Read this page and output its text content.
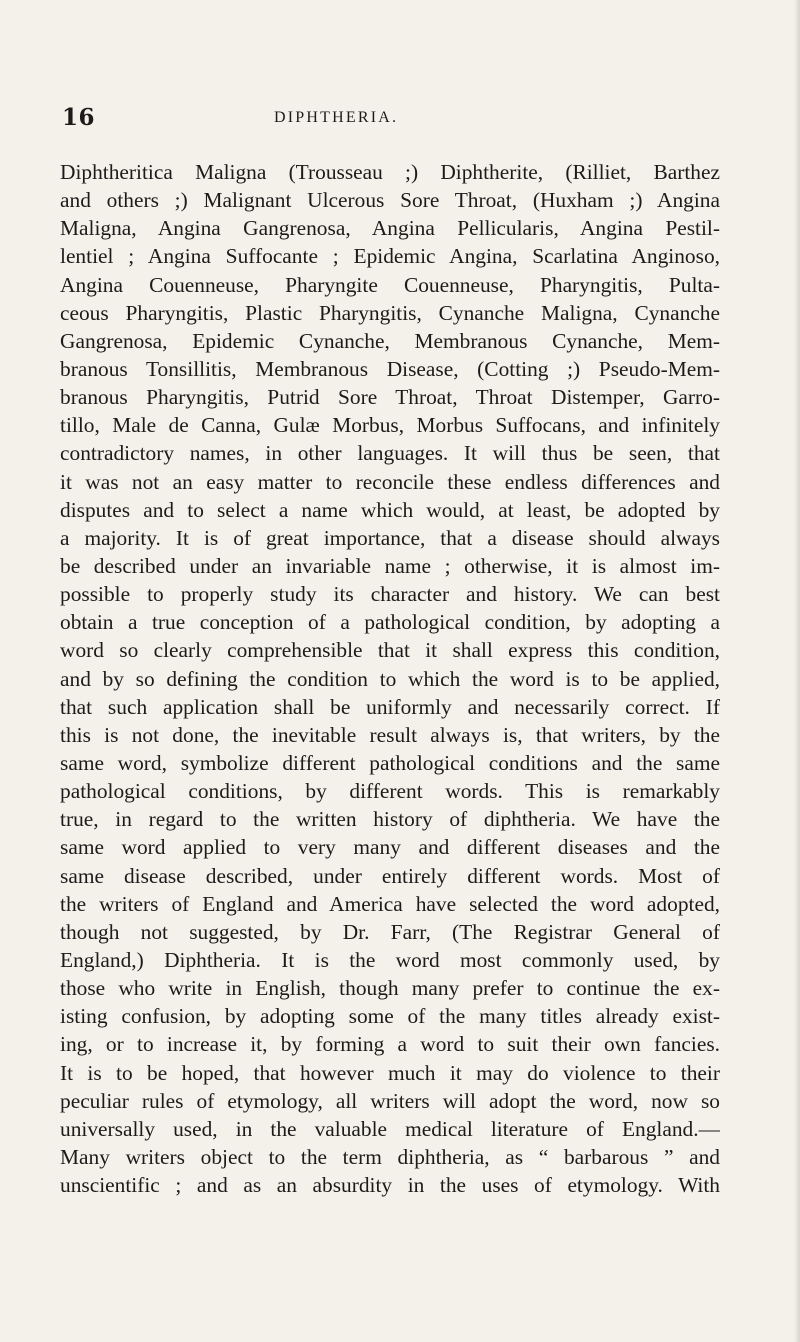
16	DIPHTHERIA.
Diphtheritica Maligna (Trousseau ;) Diphtherite, (Rilliet, Barthez
and others ;) Malignant Ulcerous Sore Throat, (Huxham ;) Angina
Maligna, Angina Gangrenosa, Angina Pellicularis, Angina Pestil-
lentiel ; Angina Suffocante ; Epidemic Angina, Scarlatina Anginoso,
Angina Couenneuse, Pharyngite Couenneuse, Pharyngitis, Pulta-
ceous Pharyngitis, Plastic Pharyngitis, Cynanche Maligna, Cynanche
Gangrenosa, Epidemic Cynanche, Membranous Cynanche, Mem-
branous Tonsillitis, Membranous Disease, (Cotting ;) Pseudo-Mem-
branous Pharyngitis, Putrid Sore Throat, Throat Distemper, Garro-
tillo, Male de Canna, Gulæ Morbus, Morbus Suffocans, and infinitely
contradictory names, in other languages. It will thus be seen, that
it was not an easy matter to reconcile these endless differences and
disputes and to select a name which would, at least, be adopted by
a majority. It is of great importance, that a disease should always
be described under an invariable name ; otherwise, it is almost im-
possible to properly study its character and history. We can best
obtain a true conception of a pathological condition, by adopting a
word so clearly comprehensible that it shall express this condition,
and by so defining the condition to which the word is to be applied,
that such application shall be uniformly and necessarily correct. If
this is not done, the inevitable result always is, that writers, by the
same word, symbolize different pathological conditions and the same
pathological conditions, by different words. This is remarkably
true, in regard to the written history of diphtheria. We have the
same word applied to very many and different diseases and the
same disease described, under entirely different words. Most of
the writers of England and America have selected the word adopted,
though not suggested, by Dr. Farr, (The Registrar General of
England,) Diphtheria. It is the word most commonly used, by
those who write in English, though many prefer to continue the ex-
isting confusion, by adopting some of the many titles already exist-
ing, or to increase it, by forming a word to suit their own fancies.
It is to be hoped, that however much it may do violence to their
peculiar rules of etymology, all writers will adopt the word, now so
universally used, in the valuable medical literature of England.—
Many writers object to the term diphtheria, as “ barbarous ” and
unscientific ; and as an absurdity in the uses of etymology. With
